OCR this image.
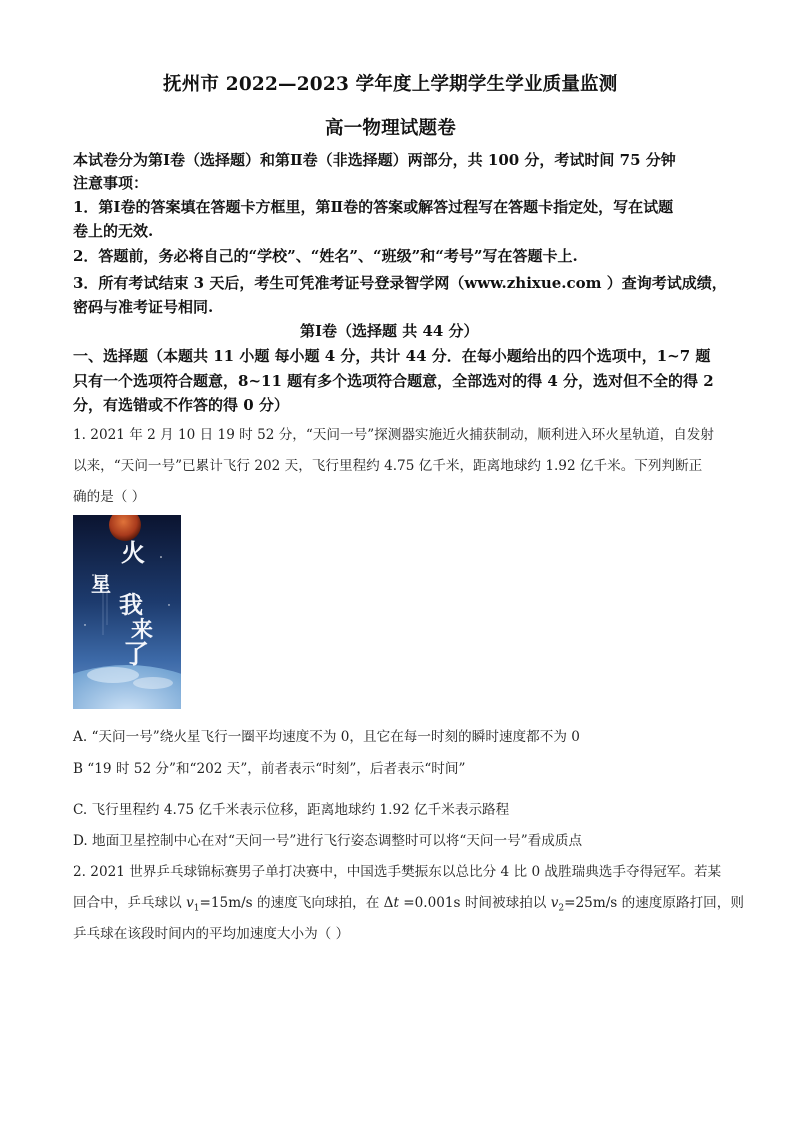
抚州市 2022—2023 学年度上学期学生学业质量监测
高一物理试题卷
本试卷分为第Ⅰ卷（选择题）和第Ⅱ卷（非选择题）两部分，共 100 分，考试时间 75 分钟
注意事项：
1．第Ⅰ卷的答案填在答题卡方框里，第Ⅱ卷的答案或解答过程写在答题卡指定处，写在试题
卷上的无效.
2．答题前，务必将自己的“学校”、“姓名”、“班级”和“考号”写在答题卡上.
3．所有考试结束 3 天后，考生可凭准考证号登录智学网（www.zhixue.com ）查询考试成绩，
密码与准考证号相同.
第Ⅰ卷（选择题 共 44 分）
一、选择题（本题共 11 小题 每小题 4 分，共计 44 分．在每小题给出的四个选项中，1~7 题
只有一个选项符合题意，8~11 题有多个选项符合题意，全部选对的得 4 分，选对但不全的得 2
分，有选错或不作答的得 0 分）
1. 2021 年 2 月 10 日 19 时 52 分，“天问一号”探测器实施近火捕获制动，顺利进入环火星轨道，自发射
以来，“天问一号”已累计飞行 202 天，飞行里程约 4.75 亿千米，距离地球约 1.92 亿千米。下列判断正
确的是（ ）
火
星
我
来
了
A. “天问一号”绕火星飞行一圈平均速度不为 0，且它在每一时刻的瞬时速度都不为 0
B “19 时 52 分”和“202 天”，前者表示“时刻”，后者表示“时间”
C. 飞行里程约 4.75 亿千米表示位移，距离地球约 1.92 亿千米表示路程
D. 地面卫星控制中心在对“天问一号”进行飞行姿态调整时可以将“天问一号”看成质点
2. 2021 世界乒乓球锦标赛男子单打决赛中，中国选手樊振东以总比分 4 比 0 战胜瑞典选手夺得冠军。若某
回合中，乒乓球以 $v_1=15m/s$ 的速度飞向球拍，在 Δt =0.001s 时间被球拍以 $v_2=25m/s$ 的速度原路打回，则
乒乓球在该段时间内的平均加速度大小为（ ）
